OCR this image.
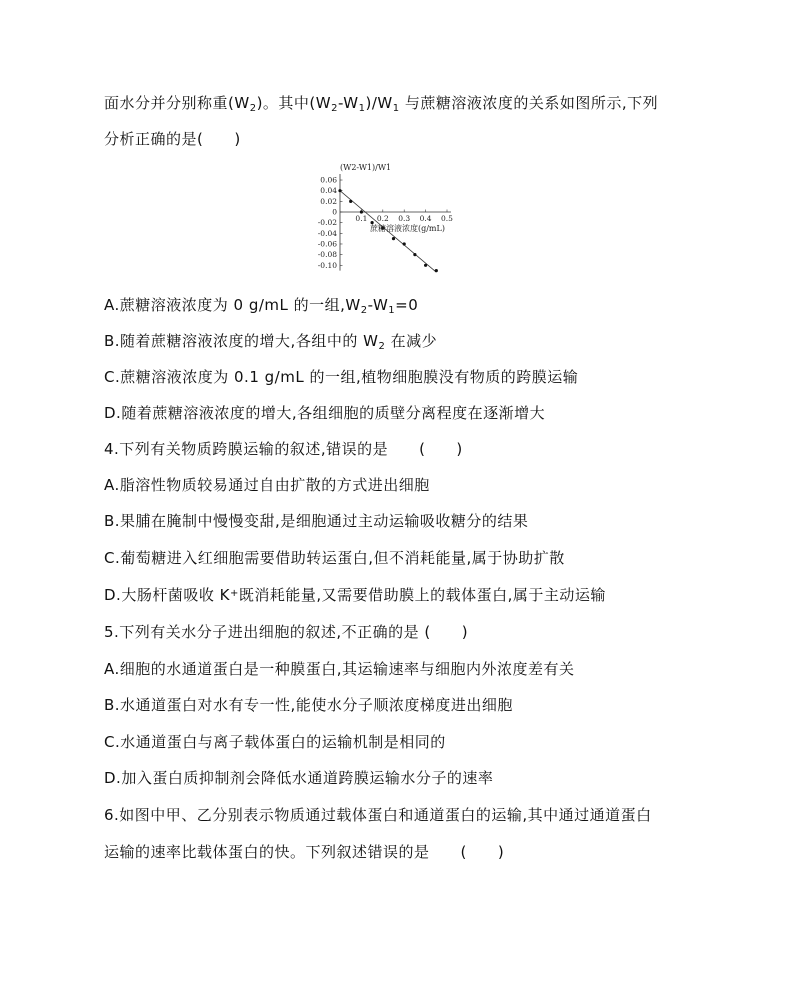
面水分并分别称重$(W_2)$。其中$(W_2-W_1)/W_1$ 与蔗糖溶液浓度的关系如图所示,下列
分析正确的是(　　)
0.06
0.04
0.02
0
-0.02
-0.04
-0.06
-0.08
-0.10
0.1 0.2 0.3 0.4 0.5
(W2-W1)/W1
蔗糖溶液浓度(g/mL)
A.蔗糖溶液浓度为 0 g/mL 的一组$,W_2-W_1=0$
B.随着蔗糖溶液浓度的增大,各组中的 $W_2$ 在减少
C.蔗糖溶液浓度为 0.1 g/mL 的一组,植物细胞膜没有物质的跨膜运输
D.随着蔗糖溶液浓度的增大,各组细胞的质壁分离程度在逐渐增大
4.下列有关物质跨膜运输的叙述,错误的是　　(　　)
A.脂溶性物质较易通过自由扩散的方式进出细胞
B.果脯在腌制中慢慢变甜,是细胞通过主动运输吸收糖分的结果
C.葡萄糖进入红细胞需要借助转运蛋白,但不消耗能量,属于协助扩散
D.大肠杆菌吸收 K+既消耗能量,又需要借助膜上的载体蛋白,属于主动运输
5.下列有关水分子进出细胞的叙述,不正确的是 (　　)
A.细胞的水通道蛋白是一种膜蛋白,其运输速率与细胞内外浓度差有关
B.水通道蛋白对水有专一性,能使水分子顺浓度梯度进出细胞
C.水通道蛋白与离子载体蛋白的运输机制是相同的
D.加入蛋白质抑制剂会降低水通道跨膜运输水分子的速率
6.如图中甲、乙分别表示物质通过载体蛋白和通道蛋白的运输,其中通过通道蛋白
运输的速率比载体蛋白的快。下列叙述错误的是　　(　　)
